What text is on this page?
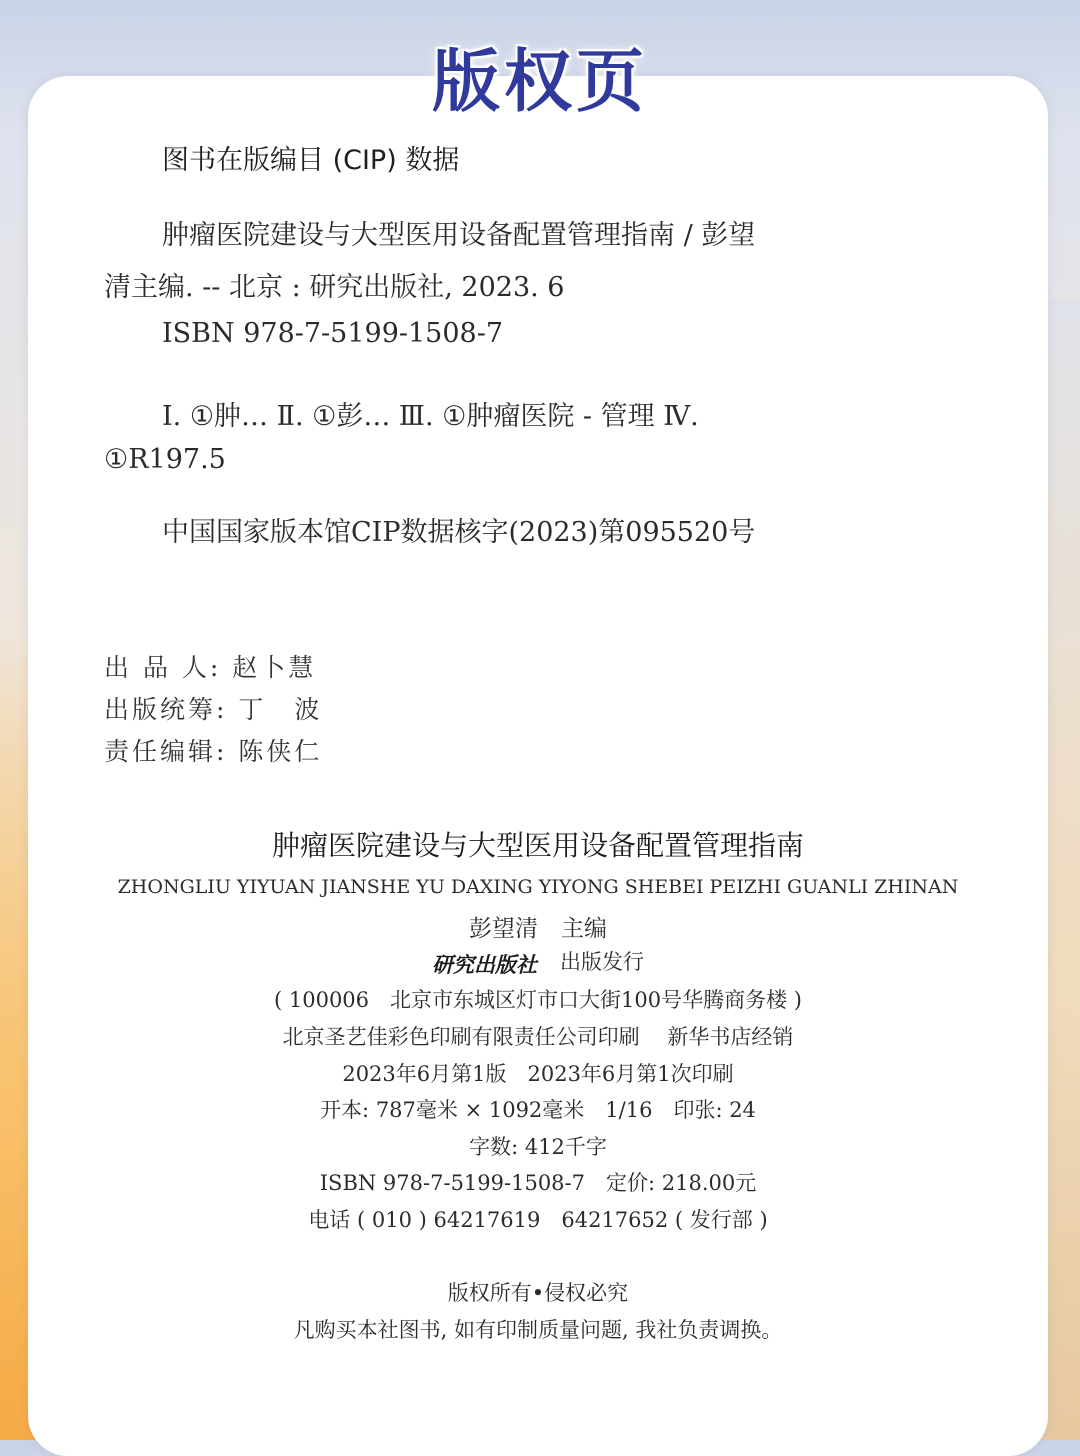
版权页
图书在版编目 (CIP) 数据
肿瘤医院建设与大型医用设备配置管理指南 / 彭望
清主编. -- 北京 : 研究出版社, 2023. 6
ISBN 978-7-5199-1508-7
Ⅰ. ①肿… Ⅱ. ①彭… Ⅲ. ①肿瘤医院 - 管理 Ⅳ.
①R197.5
中国国家版本馆CIP数据核字(2023)第095520号
出 品 人: 赵卜慧
出版统筹: 丁　波
责任编辑: 陈侠仁
肿瘤医院建设与大型医用设备配置管理指南
ZHONGLIU YIYUAN JIANSHE YU DAXING YIYONG SHEBEI PEIZHI GUANLI ZHINAN
彭望清　主编
研究出版社 出版发行
( 100006　北京市东城区灯市口大街100号华腾商务楼 )
北京圣艺佳彩色印刷有限责任公司印刷　 新华书店经销
2023年6月第1版　2023年6月第1次印刷
开本: 787毫米 × 1092毫米　1/16　印张: 24
字数: 412千字
ISBN 978-7-5199-1508-7　定价: 218.00元
电话 ( 010 ) 64217619　64217652 ( 发行部 )
版权所有•侵权必究
凡购买本社图书, 如有印制质量问题, 我社负责调换。
